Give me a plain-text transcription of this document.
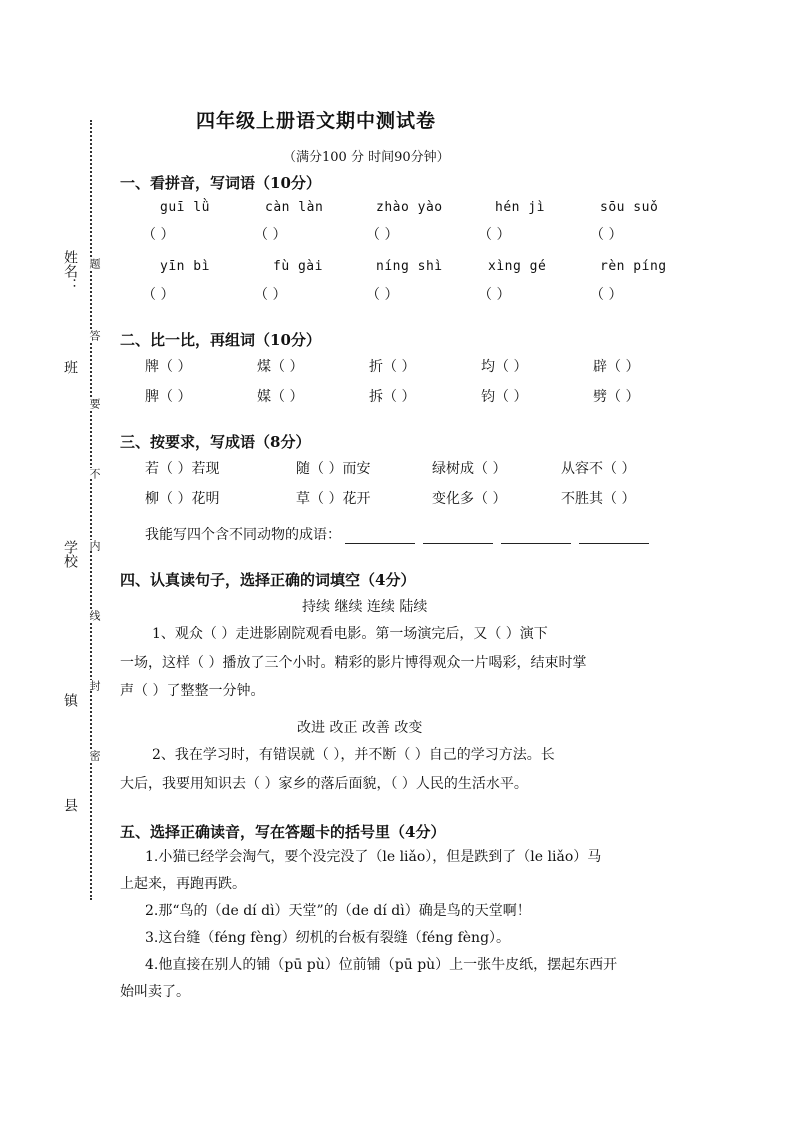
姓名：
班
学校
镇
县
题
答
要
不
内
线
封
密
四年级上册语文期中测试卷
（满分100 分 时间90分钟）
一、看拼音，写词语（10分）
guī lǜ	càn làn	zhào yào	hén jì	sōu suǒ
（ ）	（ ）	（ ）	（ ）	（ ）
yīn bì	fù gài	níng shì	xìng gé	rèn píng
（ ）	（ ）	（ ）	（ ）	（ ）
二、比一比，再组词（10分）
牌（ ）	煤（ ）	折（ ）	均（ ）	辟（ ）
脾（ ）	媒（ ）	拆（ ）	钧（ ）	劈（ ）
三、按要求，写成语（8分）
若（ ）若现	随（ ）而安	绿树成（ ）	从容不（ ）
柳（ ）花明	草（ ）花开	变化多（ ）	不胜其（ ）
我能写四个含不同动物的成语：
四、认真读句子，选择正确的词填空（4分）
持续 继续 连续 陆续
1、观众（ ）走进影剧院观看电影。第一场演完后，又（ ）演下
一场，这样（ ）播放了三个小时。精彩的影片博得观众一片喝彩，结束时掌
声（ ）了整整一分钟。
改进 改正 改善 改变
2、我在学习时，有错误就（ ），并不断（ ）自己的学习方法。长
大后，我要用知识去（ ）家乡的落后面貌，（ ）人民的生活水平。
五、选择正确读音，写在答题卡的括号里（4分）
1.小猫已经学会淘气，要个没完没了（le liǎo），但是跌到了（le liǎo）马
上起来，再跑再跌。
2.那“鸟的（de dí dì）天堂”的（de dí dì）确是鸟的天堂啊！
3.这台缝（féng fèng）纫机的台板有裂缝（féng fèng）。
4.他直接在别人的铺（pū pù）位前铺（pū pù）上一张牛皮纸，摆起东西开
始叫卖了。
